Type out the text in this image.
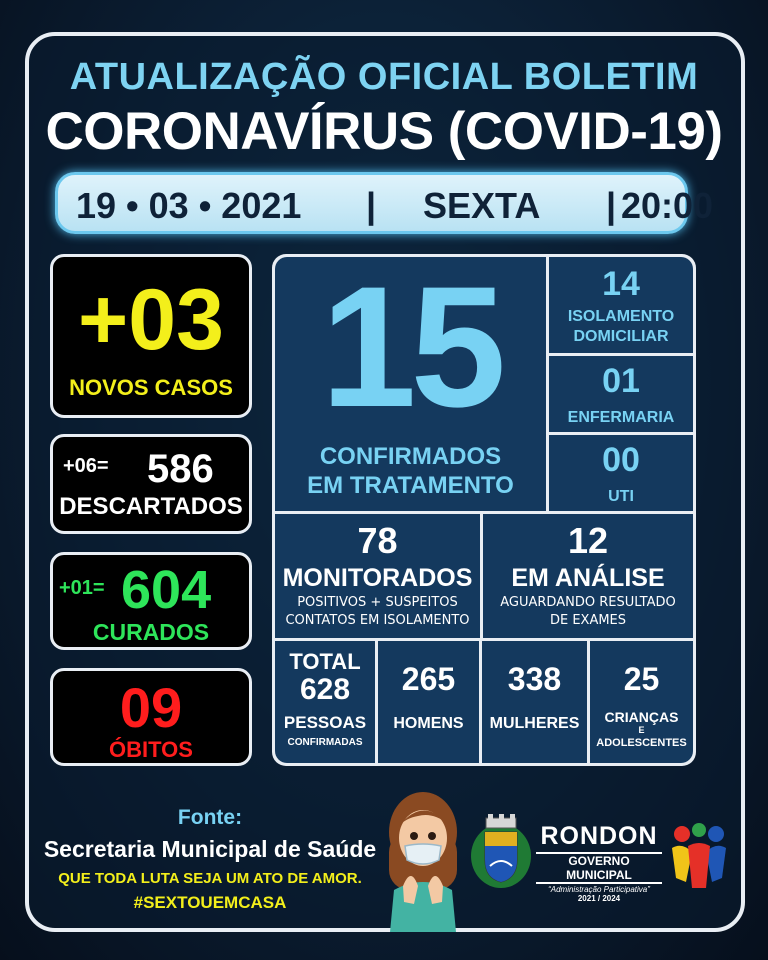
ATUALIZAÇÃO OFICIAL BOLETIM
CORONAVÍRUS (COVID-19)
19 • 03 • 2021 | SEXTA | 20:00
+03
NOVOS CASOS
+06= 586
DESCARTADOS
+01= 604
CURADOS
09
ÓBITOS
15
CONFIRMADOS
EM TRATAMENTO
14
ISOLAMENTO
DOMICILIAR
01
ENFERMARIA
00
UTI
78
MONITORADOS
POSITIVOS + SUSPEITOS
CONTATOS EM ISOLAMENTO
12
EM ANÁLISE
AGUARDANDO RESULTADO
DE EXAMES
TOTAL
628
PESSOAS
CONFIRMADAS
265
HOMENS
338
MULHERES
25
CRIANÇAS
E
ADOLESCENTES
Fonte:
Secretaria Municipal de Saúde
QUE TODA LUTA SEJA UM ATO DE AMOR.
#SEXTOUEMCASA
RONDON
GOVERNO MUNICIPAL
“Administração Participativa”
2021 / 2024
